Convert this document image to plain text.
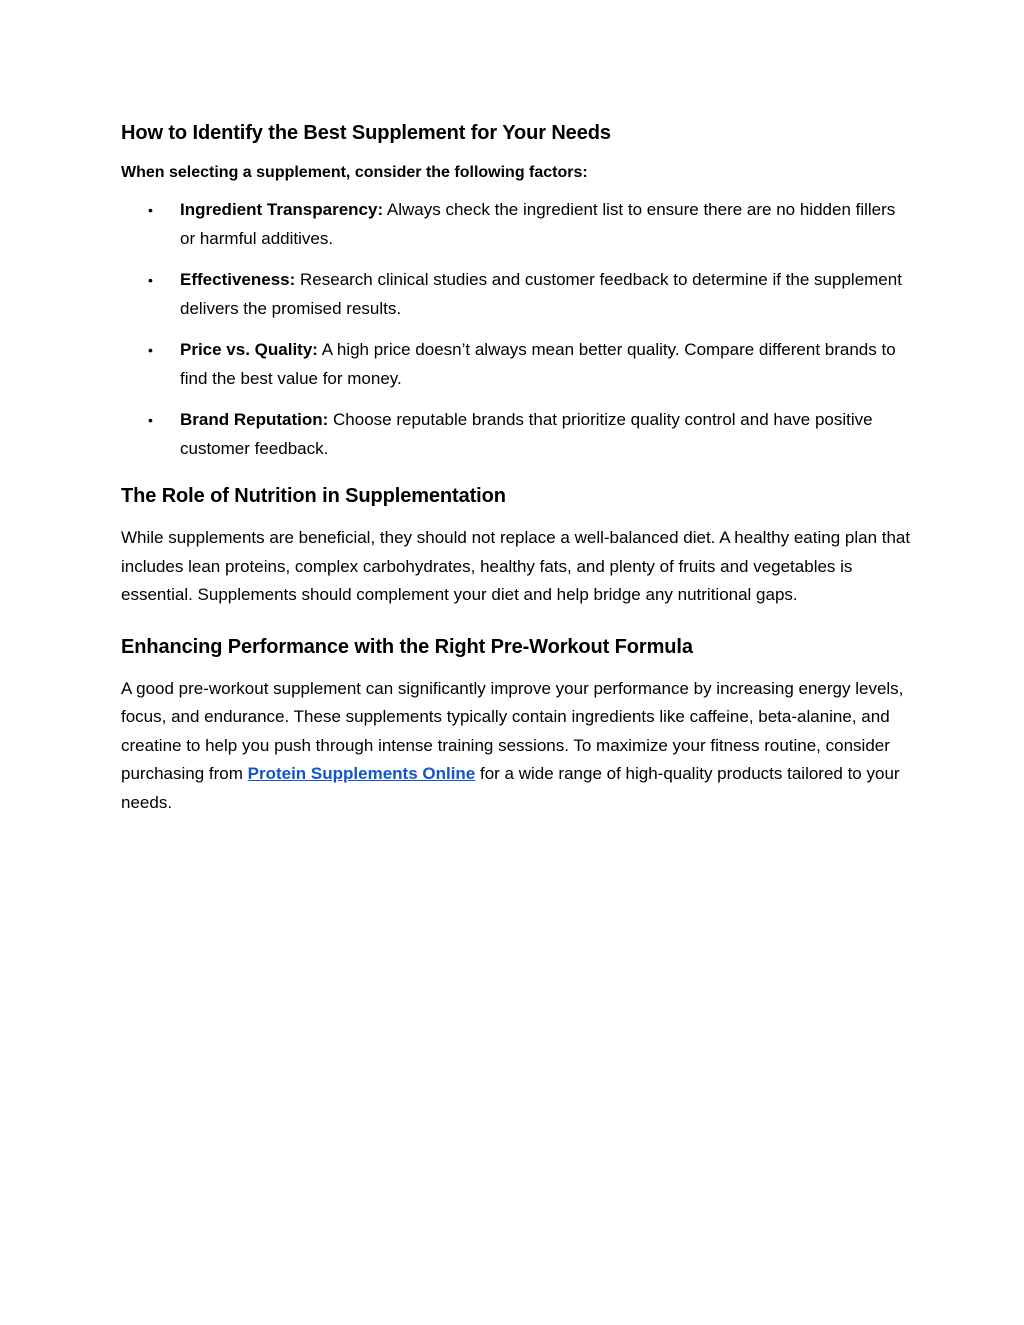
How to Identify the Best Supplement for Your Needs

When selecting a supplement, consider the following factors:

• Ingredient Transparency: Always check the ingredient list to ensure there are no hidden fillers or harmful additives.
• Effectiveness: Research clinical studies and customer feedback to determine if the supplement delivers the promised results.
• Price vs. Quality: A high price doesn’t always mean better quality. Compare different brands to find the best value for money.
• Brand Reputation: Choose reputable brands that prioritize quality control and have positive customer feedback.
The Role of Nutrition in Supplementation

While supplements are beneficial, they should not replace a well-balanced diet. A healthy eating plan that includes lean proteins, complex carbohydrates, healthy fats, and plenty of fruits and vegetables is essential. Supplements should complement your diet and help bridge any nutritional gaps.

Enhancing Performance with the Right Pre-Workout Formula

A good pre-workout supplement can significantly improve your performance by increasing energy levels, focus, and endurance. These supplements typically contain ingredients like caffeine, beta-alanine, and creatine to help you push through intense training sessions. To maximize your fitness routine, consider purchasing from Protein Supplements Online for a wide range of high-quality products tailored to your needs.
